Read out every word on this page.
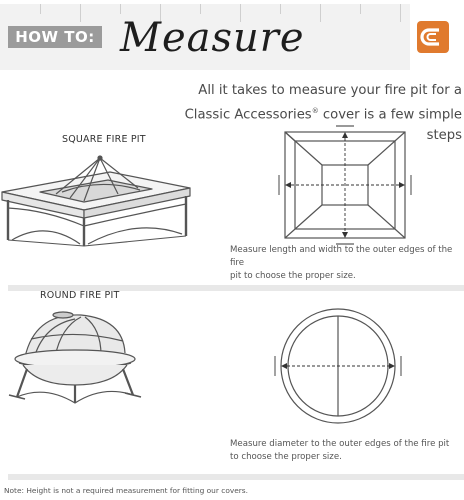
HOW TO: Measure
All it takes to measure your fire pit for a
Classic Accessories® cover is a few simple steps
SQUARE FIRE PIT
Measure length and width to the outer edges of the fire
pit to choose the proper size.
ROUND FIRE PIT
Measure diameter to the outer edges of the fire pit
to choose the proper size.
Note: Height is not a required measurement for fitting our covers.
